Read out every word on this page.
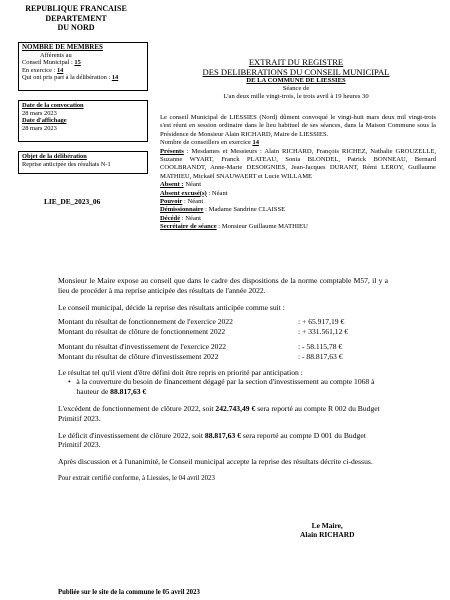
REPUBLIQUE FRANCAISE
DEPARTEMENT
DU NORD
NOMBRE DE MEMBRES
Afférents au
Conseil Municipal : 15
En exercice : 14
Qui ont pris part à la délibération : 14
Date de la convocation
28 mars 2023
Date d'affichage
28 mars 2023
Objet de la délibération
Reprise anticipée des résultats N-1
LIE_DE_2023_06
EXTRAIT DU REGISTRE
DES DELIBERATIONS DU CONSEIL MUNICIPAL
DE LA COMMUNE DE LIESSIES
Séance de
L'an deux mille vingt-trois, le trois avril à 19 heures 30

Le conseil Municipal de LIESSIES (Nord) dûment convoqué le vingt-huit mars deux mil vingt-trois s'est réuni en session ordinaire dans le lieu habituel de ses séances, dans la Maison Commune sous la Présidence de Monsieur Alain RICHARD, Maire de LIESSIES.

Nombre de conseillers en exercice 14

Présents : Mesdames et Messieurs : Alain RICHARD, François RICHEZ, Nathalie GROUZELLE, Suzanne WYART, Franck PLATEAU, Sonia BLONDEL, Patrick BONNEAU, Bernard COOLBRANDT, Anne-Marie DESOIGNIES, Jean-Jacques DURANT, Rémi LEROY, Guillaume MATHIEU, Mickaël SNAUWAERT et Lucie WILLAME

Absent : Néant

Absent excusé(s) : Néant

Pouvoir : Néant

Démissionnaire : Madame Sandrine CLAISSE

Décédé : Néant

Secrétaire de séance : Monsieur Guillaume MATHIEU

Monsieur le Maire expose au conseil que dans le cadre des dispositions de la norme comptable M57, il y a lieu de procéder à ma reprise anticipée des résultats de l'année 2022.

Le conseil municipal, décide la reprise des résultats anticipée comme suit :

Montant du résultat de fonctionnement de l'exercice 2022	: + 65.917,19 €
Montant du résultat de clôture de fonctionnement 2022	: + 331.561,12 €
Montant du résultat d'investissement de l'exercice 2022	: - 58.115,78 €
Montant du résultat de clôture d'investissement 2022	: - 88.817,63 €

Le résultat tel qu'il vient d'être défini doit être repris en priorité par anticipation :

• à la couverture du besoin de financement dégagé par la section d'investissement au compte 1068 à hauteur de 88.817,63 €

L'excédent de fonctionnement de clôture 2022, soit 242.743,49 € sera reporté au compte R 002 du Budget Primitif 2023.

Le déficit d'investissement de clôture 2022, soit 88.817,63 € sera reporté au compte D 001 du Budget Primitif 2023.

Après discussion et à l'unanimité, le Conseil municipal accepte la reprise des résultats décrite ci-dessus.

Pour extrait certifié conforme, à Liessies, le 04 avril 2023

Le Maire,
Alain RICHARD
Publiée sur le site de la commune le 05 avril 2023
